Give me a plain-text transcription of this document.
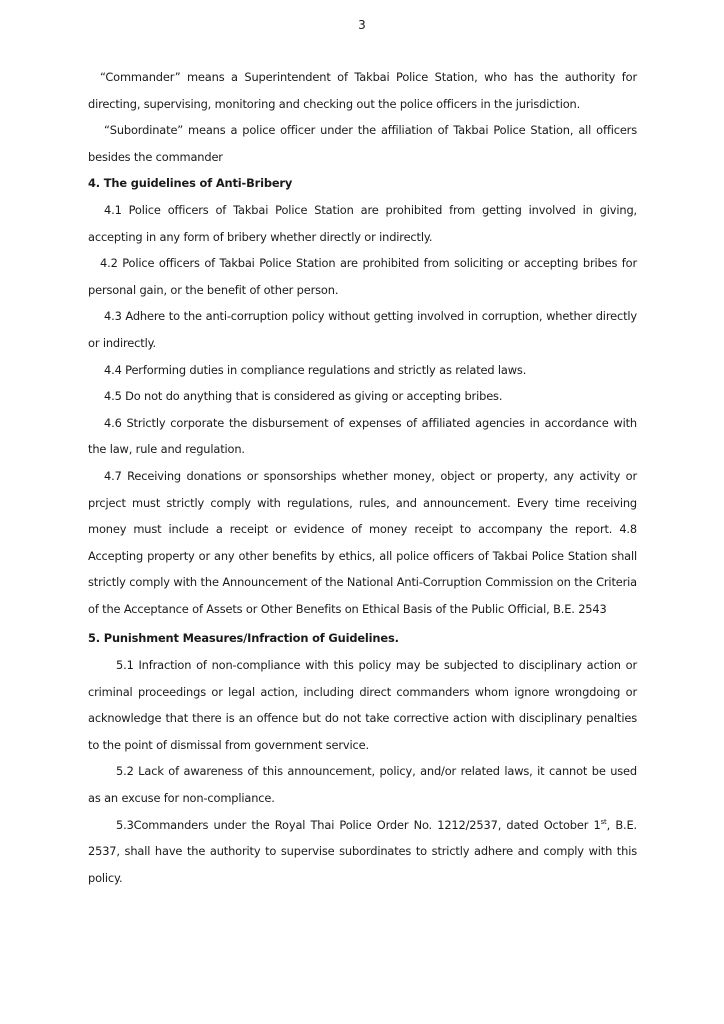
3

“Commander” means a Superintendent of Takbai Police Station, who has the authority for directing, supervising, monitoring and checking out the police officers in the jurisdiction.

“Subordinate” means a police officer under the affiliation of Takbai Police Station, all officers besides the commander

4. The guidelines of Anti-Bribery

4.1 Police officers of Takbai Police Station are prohibited from getting involved in giving, accepting in any form of bribery whether directly or indirectly.

4.2 Police officers of Takbai Police Station are prohibited from soliciting or accepting bribes for personal gain, or the benefit of other person.

4.3 Adhere to the anti-corruption policy without getting involved in corruption, whether directly or indirectly.

4.4 Performing duties in compliance regulations and strictly as related laws.

4.5 Do not do anything that is considered as giving or accepting bribes.

4.6 Strictly corporate the disbursement of expenses of affiliated agencies in accordance with the law, rule and regulation.

4.7 Receiving donations or sponsorships whether money, object or property, any activity or prcject must strictly comply with regulations, rules, and announcement. Every time receiving money must include a receipt or evidence of money receipt to accompany the report. 4.8 Accepting property or any other benefits by ethics, all police officers of Takbai Police Station shall strictly comply with the Announcement of the National Anti-Corruption Commission on the Criteria of the Acceptance of Assets or Other Benefits on Ethical Basis of the Public Official, B.E. 2543

5. Punishment Measures/Infraction of Guidelines.

5.1 Infraction of non-compliance with this policy may be subjected to disciplinary action or criminal proceedings or legal action, including direct commanders whom ignore wrongdoing or acknowledge that there is an offence but do not take corrective action with disciplinary penalties to the point of dismissal from government service.

5.2 Lack of awareness of this announcement, policy, and/or related laws, it cannot be used as an excuse for non-compliance.

5.3Commanders under the Royal Thai Police Order No. 1212/2537, dated October 1st, B.E. 2537, shall have the authority to supervise subordinates to strictly adhere and comply with this policy.
